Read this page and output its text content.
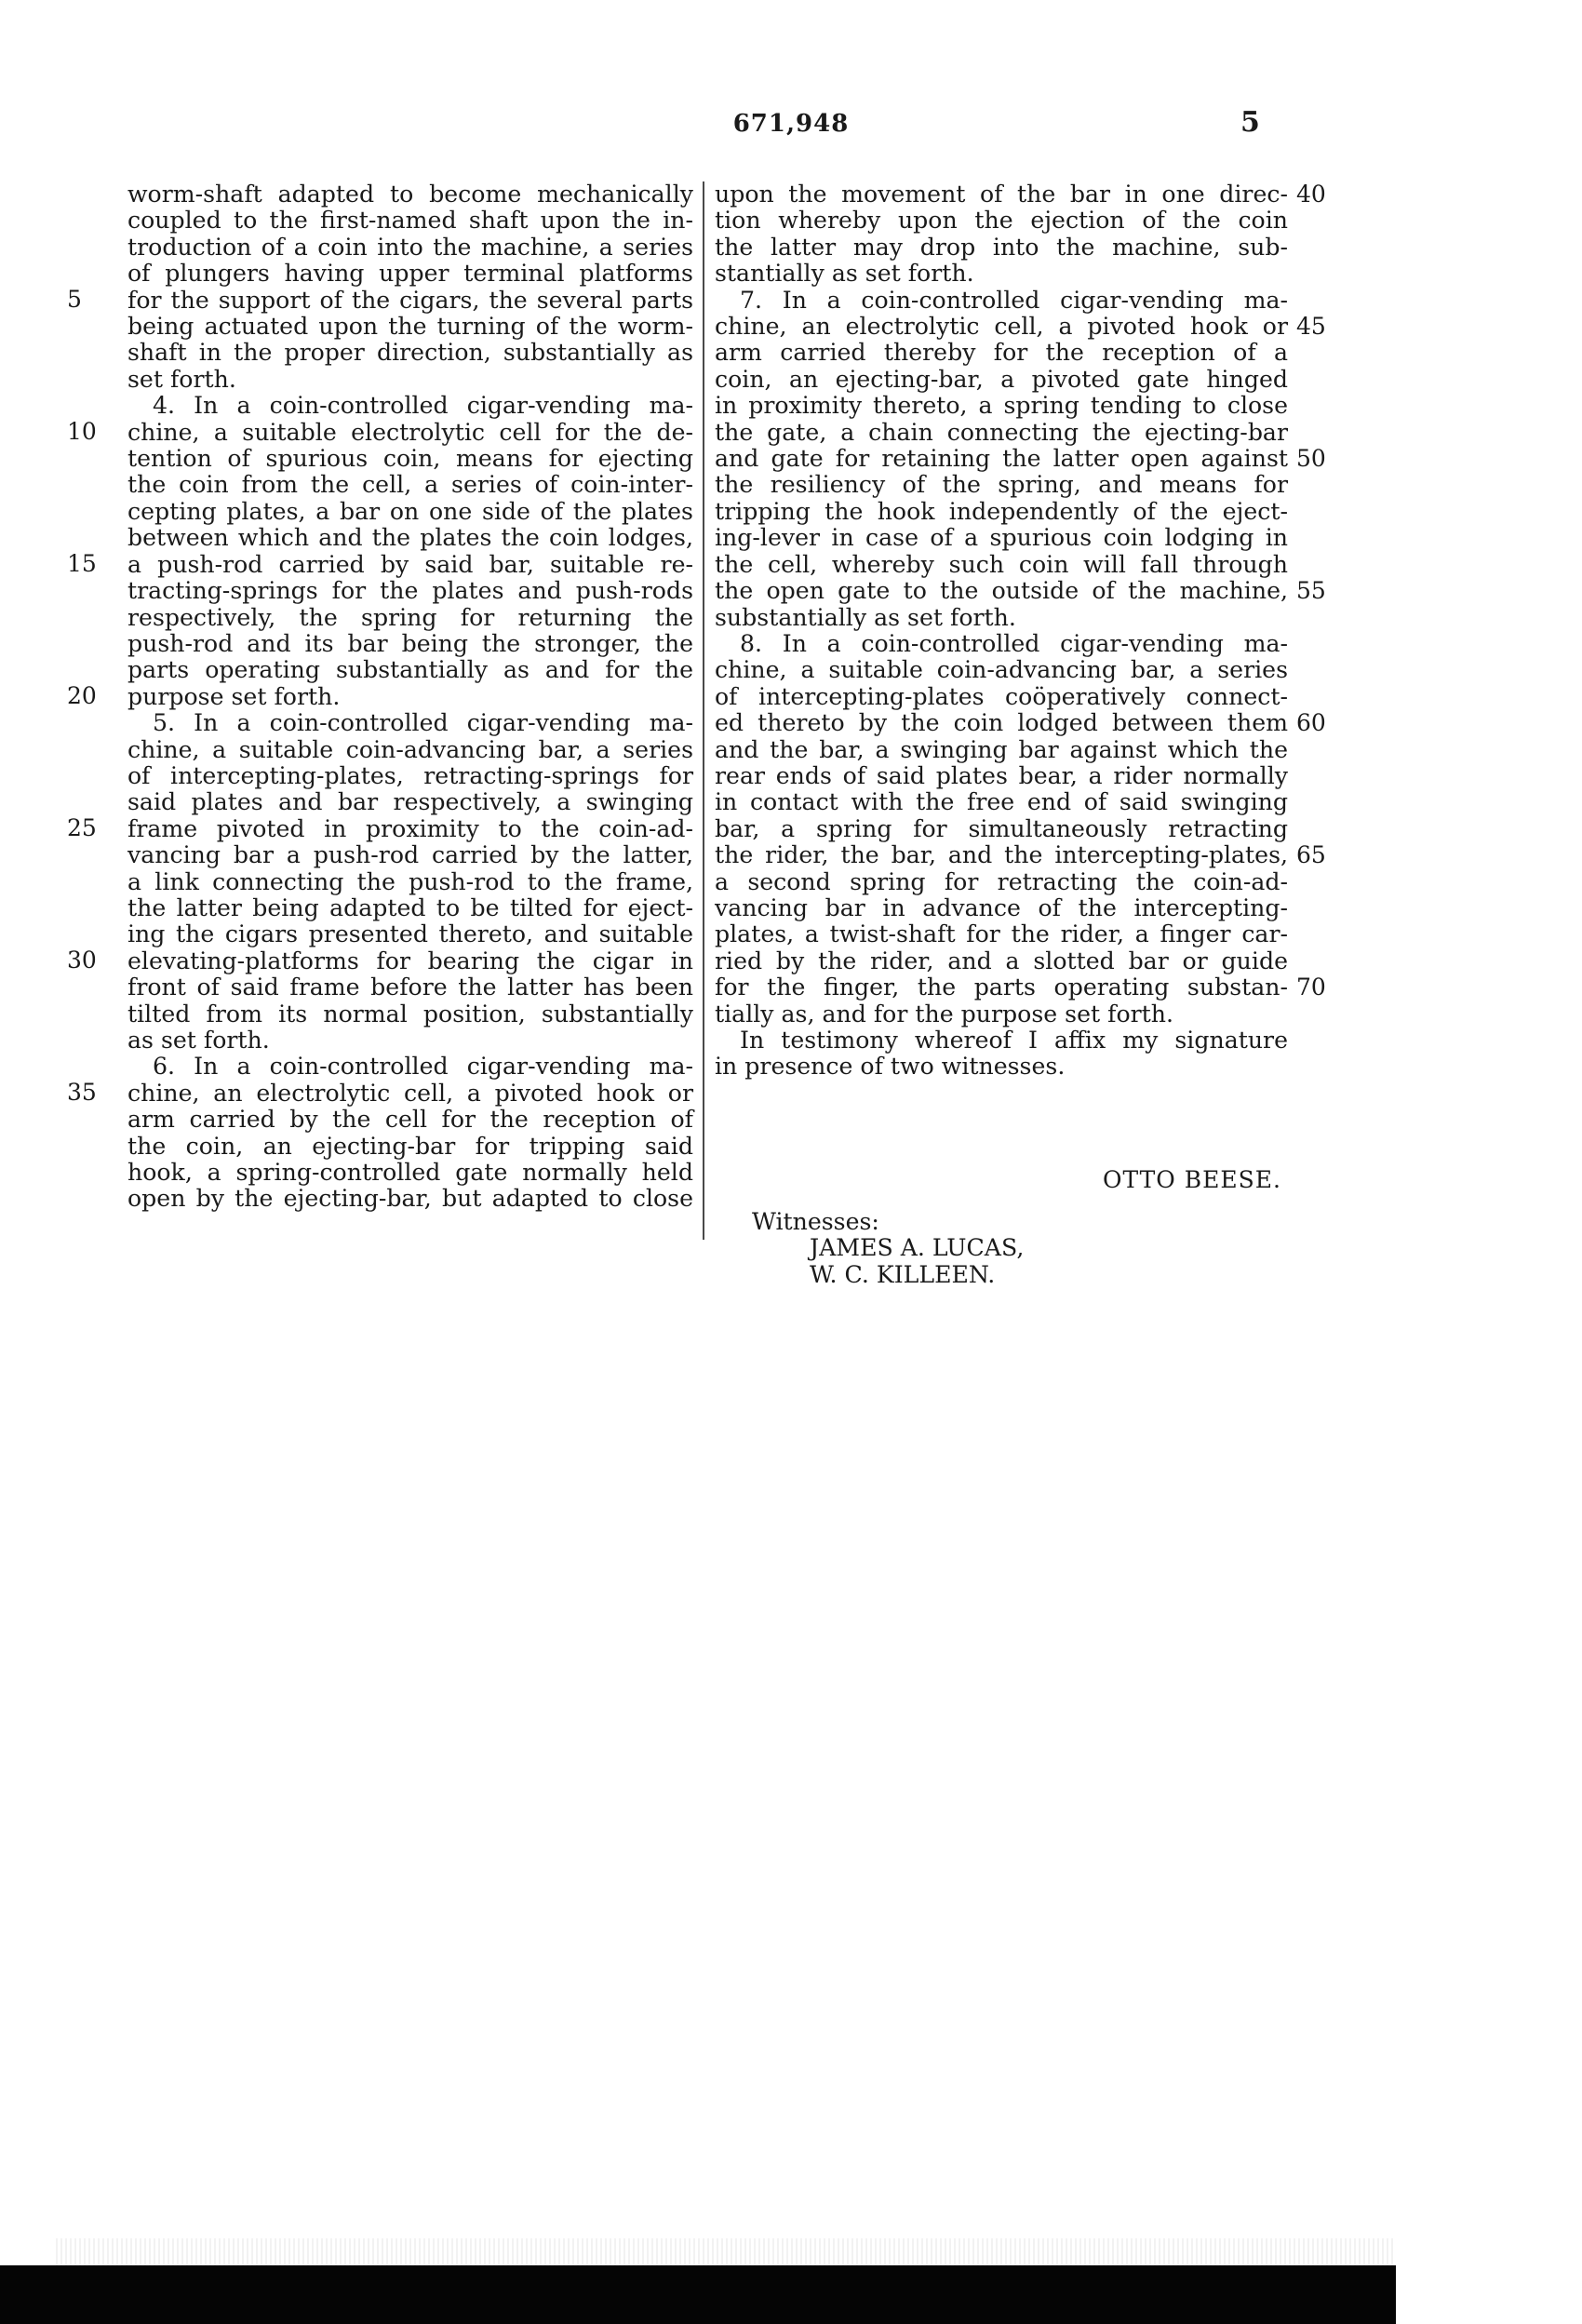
671,948	5
5
10
15
20
25
30
35
worm-shaft adapted to become mechanically
coupled to the first-named shaft upon the in-
troduction of a coin into the machine, a series
of plungers having upper terminal platforms
for the support of the cigars, the several parts
being actuated upon the turning of the worm-
shaft in the proper direction, substantially as
set forth.
4. In a coin-controlled cigar-vending ma-
chine, a suitable electrolytic cell for the de-
tention of spurious coin, means for ejecting
the coin from the cell, a series of coin-inter-
cepting plates, a bar on one side of the plates
between which and the plates the coin lodges,
a push-rod carried by said bar, suitable re-
tracting-springs for the plates and push-rods
respectively, the spring for returning the
push-rod and its bar being the stronger, the
parts operating substantially as and for the
purpose set forth.
5. In a coin-controlled cigar-vending ma-
chine, a suitable coin-advancing bar, a series
of intercepting-plates, retracting-springs for
said plates and bar respectively, a swinging
frame pivoted in proximity to the coin-ad-
vancing bar a push-rod carried by the latter,
a link connecting the push-rod to the frame,
the latter being adapted to be tilted for eject-
ing the cigars presented thereto, and suitable
elevating-platforms for bearing the cigar in
front of said frame before the latter has been
tilted from its normal position, substantially
as set forth.
6. In a coin-controlled cigar-vending ma-
chine, an electrolytic cell, a pivoted hook or
arm carried by the cell for the reception of
the coin, an ejecting-bar for tripping said
hook, a spring-controlled gate normally held
open by the ejecting-bar, but adapted to close
upon the movement of the bar in one direc-
tion whereby upon the ejection of the coin
the latter may drop into the machine, sub-
stantially as set forth.
7. In a coin-controlled cigar-vending ma-
chine, an electrolytic cell, a pivoted hook or
arm carried thereby for the reception of a
coin, an ejecting-bar, a pivoted gate hinged
in proximity thereto, a spring tending to close
the gate, a chain connecting the ejecting-bar
and gate for retaining the latter open against
the resiliency of the spring, and means for
tripping the hook independently of the eject-
ing-lever in case of a spurious coin lodging in
the cell, whereby such coin will fall through
the open gate to the outside of the machine,
substantially as set forth.
8. In a coin-controlled cigar-vending ma-
chine, a suitable coin-advancing bar, a series
of intercepting-plates coöperatively connect-
ed thereto by the coin lodged between them
and the bar, a swinging bar against which the
rear ends of said plates bear, a rider normally
in contact with the free end of said swinging
bar, a spring for simultaneously retracting
the rider, the bar, and the intercepting-plates,
a second spring for retracting the coin-ad-
vancing bar in advance of the intercepting-
plates, a twist-shaft for the rider, a finger car-
ried by the rider, and a slotted bar or guide
for the finger, the parts operating substan-
tially as, and for the purpose set forth.
In testimony whereof I affix my signature
in presence of two witnesses.
40
45
50
55
60
65
70
OTTO BEESE.
Witnesses:
JAMES A. LUCAS,
W. C. KILLEEN.
